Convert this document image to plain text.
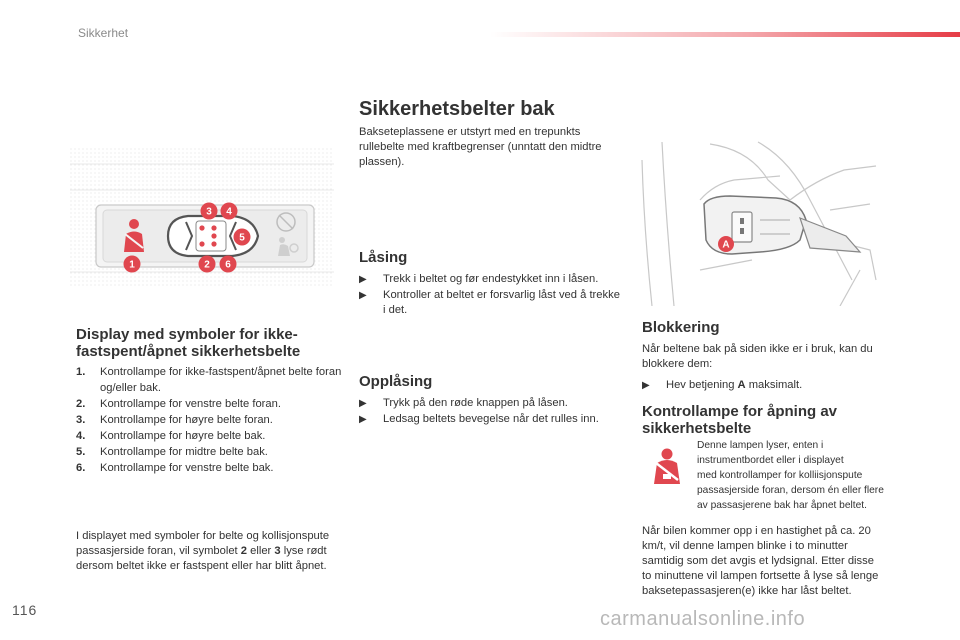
Sikkerhet
1	2
3 4
5
6
Display med symboler for ikke-fastspent/åpnet sikkerhetsbelte
1. Kontrollampe for ikke-fastspent/åpnet belte foran og/eller bak.
2. Kontrollampe for venstre belte foran.
3. Kontrollampe for høyre belte foran.
4. Kontrollampe for høyre belte bak.
5. Kontrollampe for midtre belte bak.
6. Kontrollampe for venstre belte bak.

I displayet med symboler for belte og kollisjonspute passasjerside foran, vil symbolet 2 eller 3 lyse rødt dersom beltet ikke er fastspent eller har blitt åpnet.

Sikkerhetsbelter bak

Bakseteplassene er utstyrt med en trepunkts rullebelte med kraftbegrenser (unntatt den midtre plassen).

Låsing
▶ Trekk i beltet og før endestykket inn i låsen.
▶ Kontroller at beltet er forsvarlig låst ved å trekke i det.
Opplåsing
▶ Trykk på den røde knappen på låsen.
▶ Ledsag beltets bevegelse når det rulles inn.
A
Blokkering

Når beltene bak på siden ikke er i bruk, kan du blokkere dem:

▶ Hev betjening A maksimalt.
Kontrollampe for åpning av sikkerhetsbelte
Denne lampen lyser, enten i
instrumentbordet eller i displayet
med kontrollamper for kolliisjonspute
passasjerside foran, dersom én eller flere
av passasjerene bak har åpnet beltet.

Når bilen kommer opp i en hastighet på ca. 20 km/t, vil denne lampen blinke i to minutter samtidig som det avgis et lydsignal. Etter disse to minuttene vil lampen fortsette å lyse så lenge baksetepassasjeren(e) ikke har låst beltet.

116	carmanualsonline.info
